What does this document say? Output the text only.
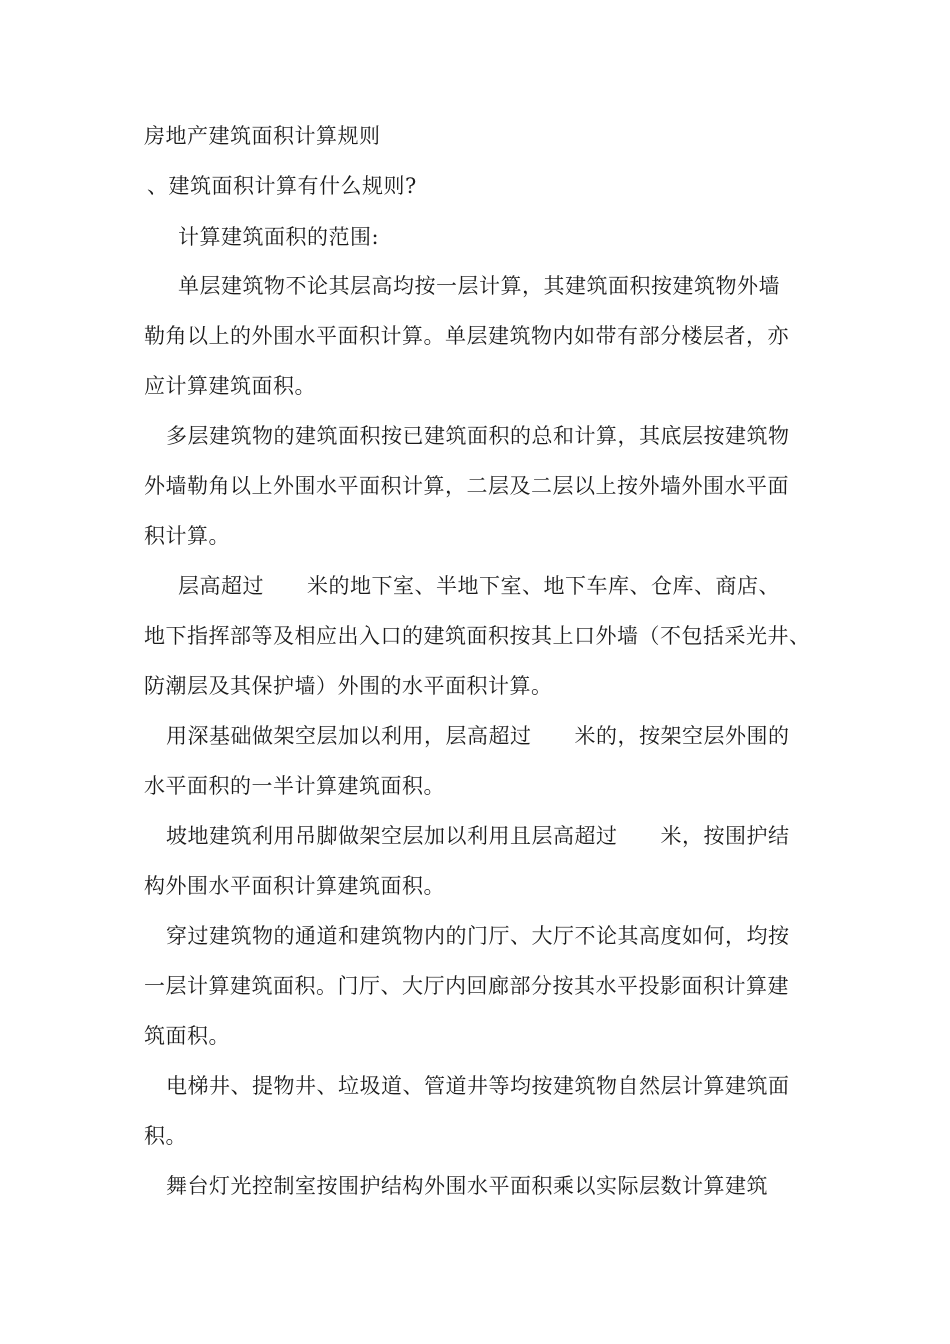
房地产建筑面积计算规则
、建筑面积计算有什么规则?
计算建筑面积的范围:
单层建筑物不论其层高均按一层计算，其建筑面积按建筑物外墙
勒角以上的外围水平面积计算。单层建筑物内如带有部分楼层者，亦
应计算建筑面积。
多层建筑物的建筑面积按已建筑面积的总和计算，其底层按建筑物
外墙勒角以上外围水平面积计算，二层及二层以上按外墙外围水平面
积计算。
层高超过　　米的地下室、半地下室、地下车库、仓库、商店、
地下指挥部等及相应出入口的建筑面积按其上口外墙（不包括采光井、
防潮层及其保护墙）外围的水平面积计算。
用深基础做架空层加以利用，层高超过　　米的，按架空层外围的
水平面积的一半计算建筑面积。
坡地建筑利用吊脚做架空层加以利用且层高超过　　米，按围护结
构外围水平面积计算建筑面积。
穿过建筑物的通道和建筑物内的门厅、大厅不论其高度如何，均按
一层计算建筑面积。门厅、大厅内回廊部分按其水平投影面积计算建
筑面积。
电梯井、提物井、垃圾道、管道井等均按建筑物自然层计算建筑面
积。
舞台灯光控制室按围护结构外围水平面积乘以实际层数计算建筑
